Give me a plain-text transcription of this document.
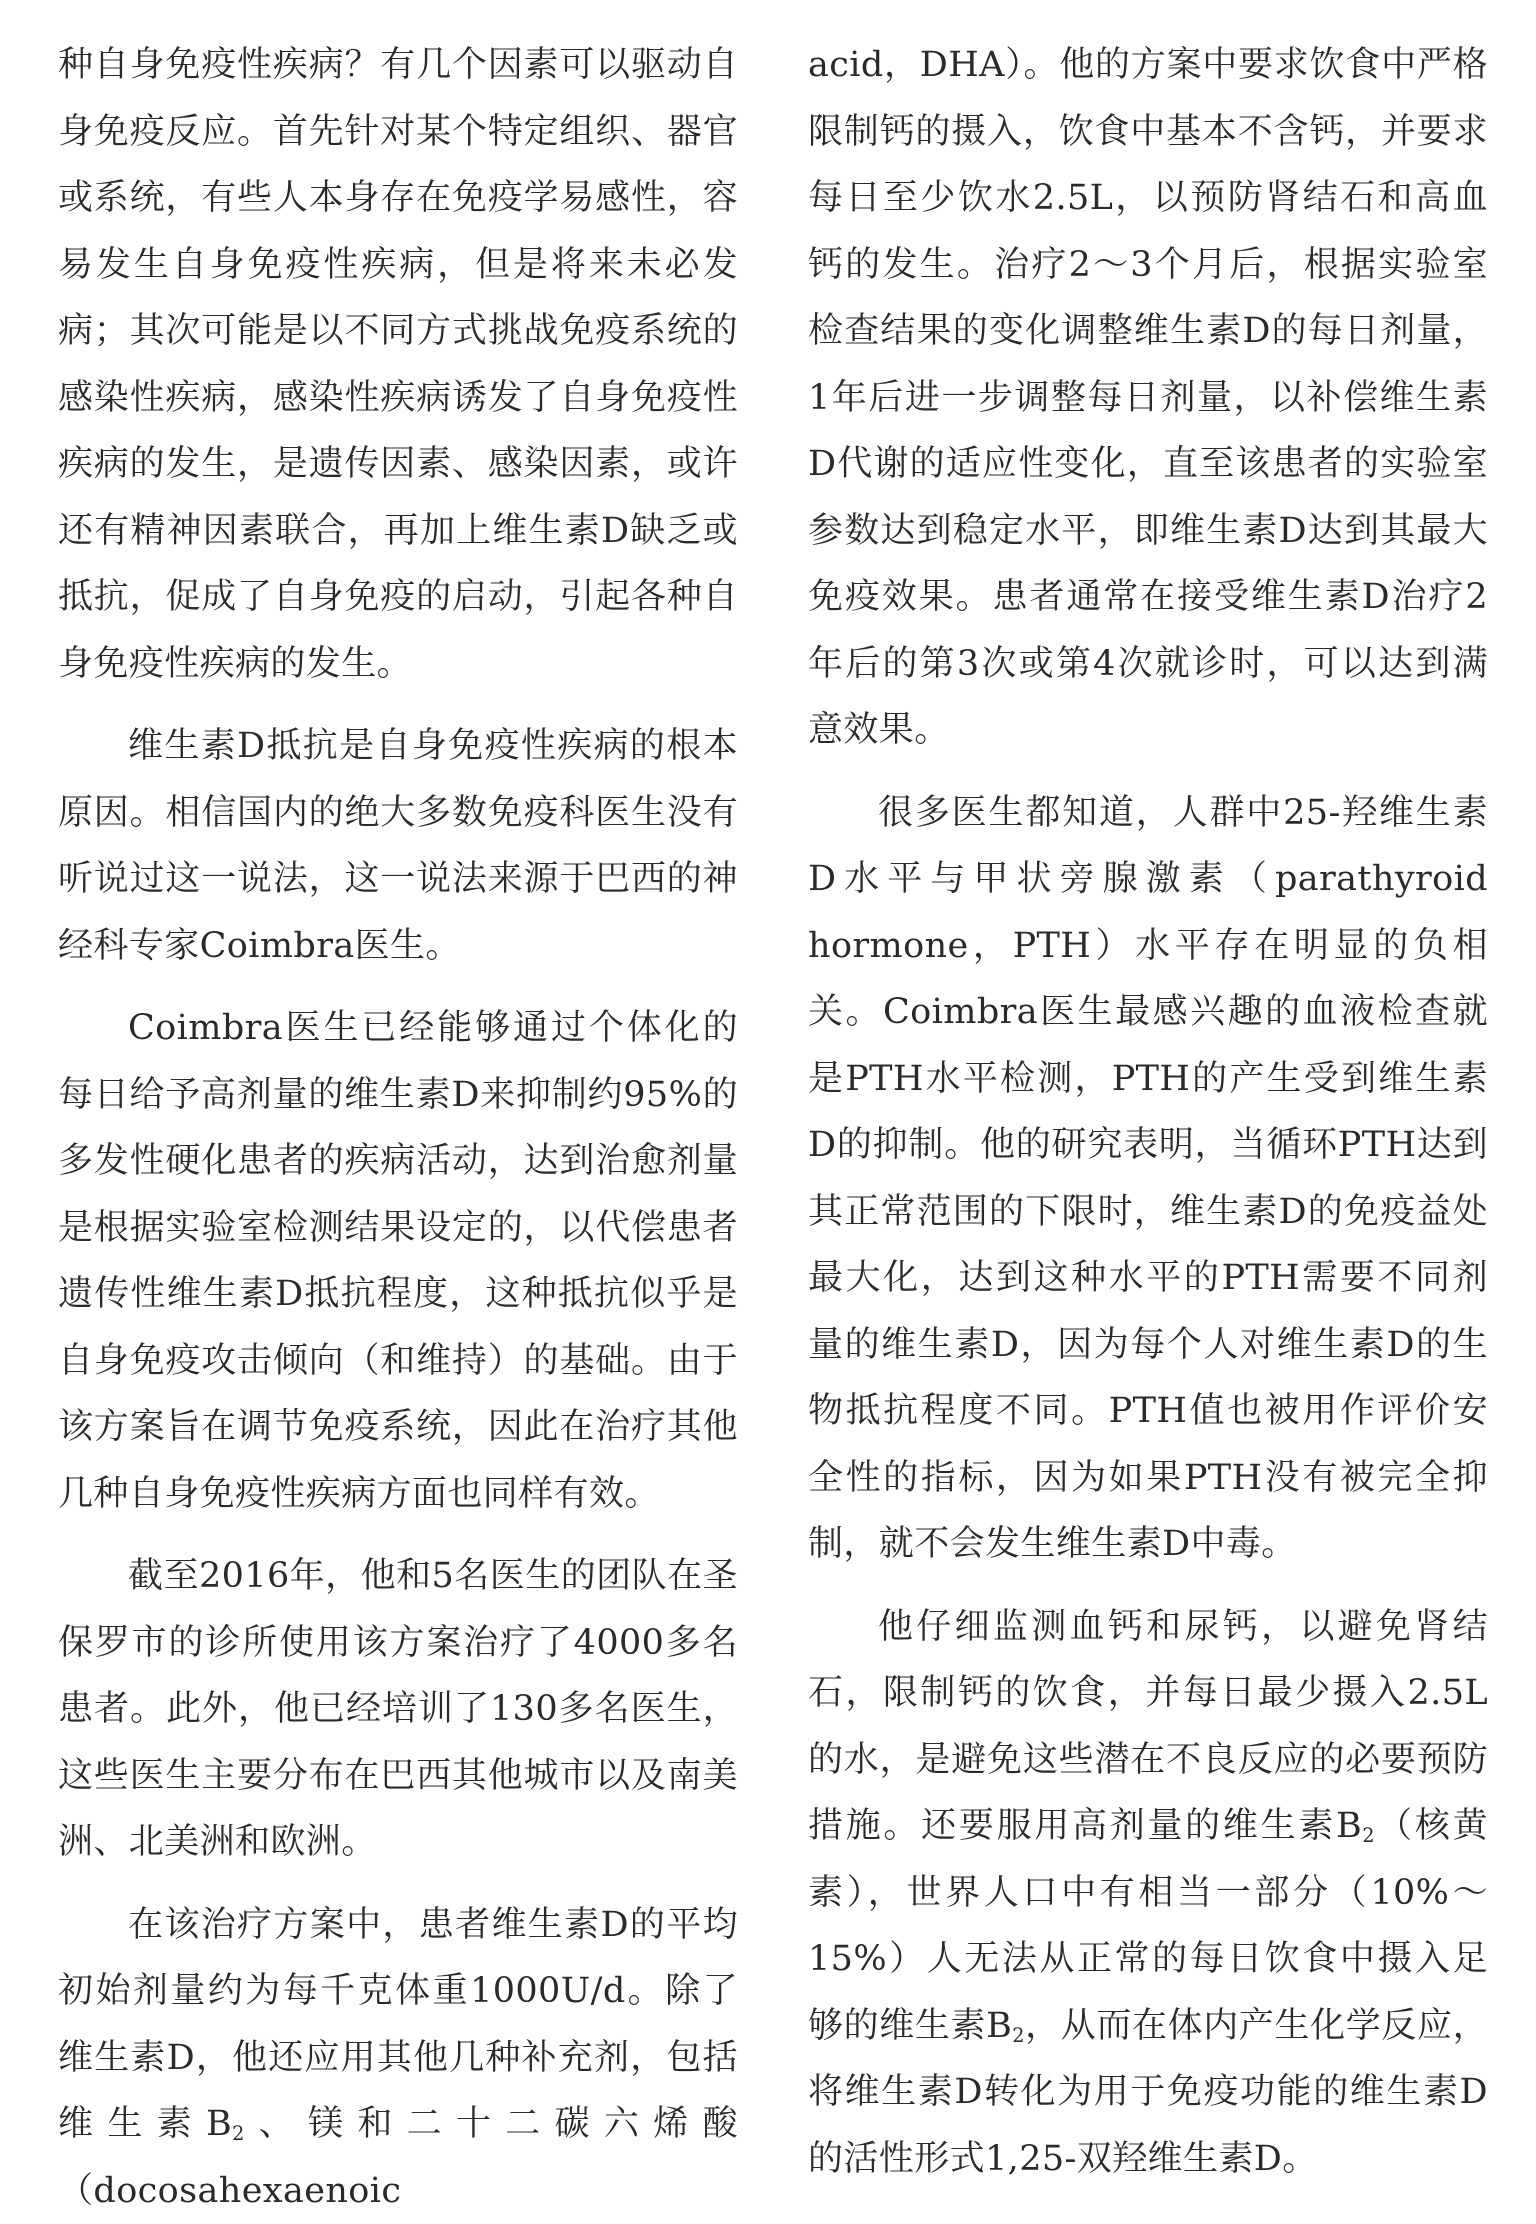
种自身免疫性疾病？有几个因素可以驱动自身免疫反应。首先针对某个特定组织、器官或系统，有些人本身存在免疫学易感性，容易发生自身免疫性疾病，但是将来未必发病；其次可能是以不同方式挑战免疫系统的感染性疾病，感染性疾病诱发了自身免疫性疾病的发生，是遗传因素、感染因素，或许还有精神因素联合，再加上维生素D缺乏或抵抗，促成了自身免疫的启动，引起各种自身免疫性疾病的发生。

维生素D抵抗是自身免疫性疾病的根本原因。相信国内的绝大多数免疫科医生没有听说过这一说法，这一说法来源于巴西的神经科专家Coimbra医生。

Coimbra医生已经能够通过个体化的每日给予高剂量的维生素D来抑制约95%的多发性硬化患者的疾病活动，达到治愈剂量是根据实验室检测结果设定的，以代偿患者遗传性维生素D抵抗程度，这种抵抗似乎是自身免疫攻击倾向（和维持）的基础。由于该方案旨在调节免疫系统，因此在治疗其他几种自身免疫性疾病方面也同样有效。

截至2016年，他和5名医生的团队在圣保罗市的诊所使用该方案治疗了4000多名患者。此外，他已经培训了130多名医生，这些医生主要分布在巴西其他城市以及南美洲、北美洲和欧洲。

在该治疗方案中，患者维生素D的平均初始剂量约为每千克体重1000U/d。除了维生素D，他还应用其他几种补充剂，包括维生素$B_2$、镁和二十二碳六烯酸（docosahexaenoic

acid，DHA）。他的方案中要求饮食中严格限制钙的摄入，饮食中基本不含钙，并要求每日至少饮水2.5L，以预防肾结石和高血钙的发生。治疗2～3个月后，根据实验室检查结果的变化调整维生素D的每日剂量，1年后进一步调整每日剂量，以补偿维生素D代谢的适应性变化，直至该患者的实验室参数达到稳定水平，即维生素D达到其最大免疫效果。患者通常在接受维生素D治疗2年后的第3次或第4次就诊时，可以达到满意效果。

很多医生都知道，人群中25-羟维生素D水平与甲状旁腺激素（parathyroid hormone，PTH）水平存在明显的负相关。Coimbra医生最感兴趣的血液检查就是PTH水平检测，PTH的产生受到维生素D的抑制。他的研究表明，当循环PTH达到其正常范围的下限时，维生素D的免疫益处最大化，达到这种水平的PTH需要不同剂量的维生素D，因为每个人对维生素D的生物抵抗程度不同。PTH值也被用作评价安全性的指标，因为如果PTH没有被完全抑制，就不会发生维生素D中毒。

他仔细监测血钙和尿钙，以避免肾结石，限制钙的饮食，并每日最少摄入2.5L的水，是避免这些潜在不良反应的必要预防措施。还要服用高剂量的维生素$B_2$（核黄素），世界人口中有相当一部分（10%～15%）人无法从正常的每日饮食中摄入足够的维生素$B_2$，从而在体内产生化学反应，将维生素D转化为用于免疫功能的维生素D的活性形式1,25-双羟维生素D。
